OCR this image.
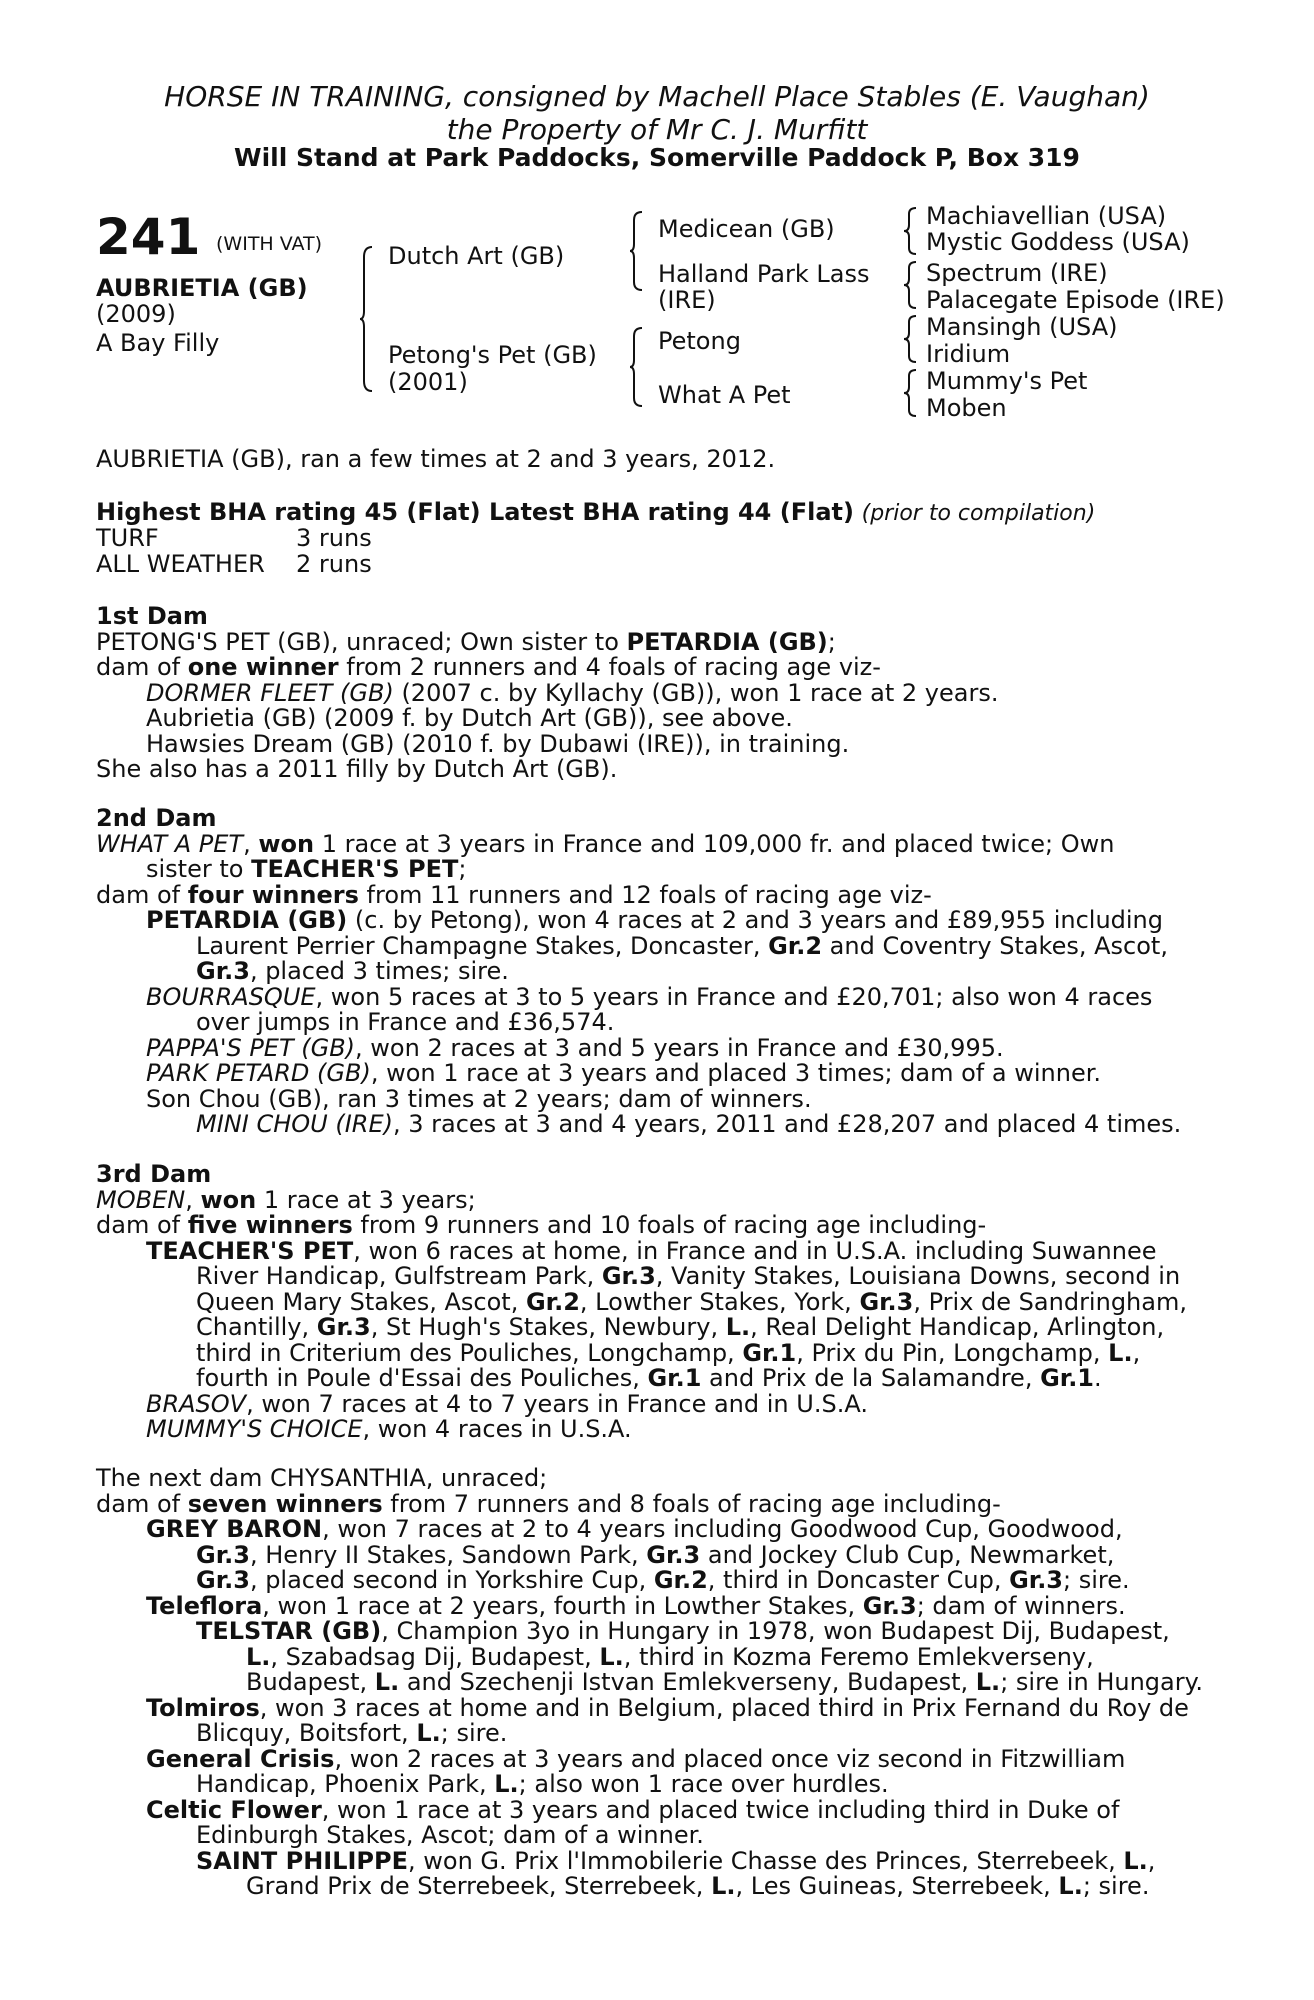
HORSE IN TRAINING, consigned by Machell Place Stables (E. Vaughan)
the Property of Mr C. J. Murfitt
Will Stand at Park Paddocks, Somerville Paddock P, Box 319
241 (WITH VAT)
AUBRIETIA (GB)
(2009)
A Bay Filly
Dutch Art (GB)
Petong's Pet (GB)
(2001)
Medicean (GB)
Halland Park Lass
(IRE)
Petong
What A Pet
Machiavellian (USA)
Mystic Goddess (USA)
Spectrum (IRE)
Palacegate Episode (IRE)
Mansingh (USA)
Iridium
Mummy's Pet
Moben
AUBRIETIA (GB), ran a few times at 2 and 3 years, 2012.
Highest BHA rating 45 (Flat) Latest BHA rating 44 (Flat) (prior to compilation)
TURF	3 runs
ALL WEATHER 2 runs
1st Dam
PETONG'S PET (GB), unraced; Own sister to PETARDIA (GB);
dam of one winner from 2 runners and 4 foals of racing age viz-
DORMER FLEET (GB) (2007 c. by Kyllachy (GB)), won 1 race at 2 years.
Aubrietia (GB) (2009 f. by Dutch Art (GB)), see above.
Hawsies Dream (GB) (2010 f. by Dubawi (IRE)), in training.
She also has a 2011 filly by Dutch Art (GB).
2nd Dam
WHAT A PET, won 1 race at 3 years in France and 109,000 fr. and placed twice; Own
sister to TEACHER'S PET;
dam of four winners from 11 runners and 12 foals of racing age viz-
PETARDIA (GB) (c. by Petong), won 4 races at 2 and 3 years and £89,955 including
Laurent Perrier Champagne Stakes, Doncaster, Gr.2 and Coventry Stakes, Ascot,
Gr.3, placed 3 times; sire.
BOURRASQUE, won 5 races at 3 to 5 years in France and £20,701; also won 4 races
over jumps in France and £36,574.
PAPPA'S PET (GB), won 2 races at 3 and 5 years in France and £30,995.
PARK PETARD (GB), won 1 race at 3 years and placed 3 times; dam of a winner.
Son Chou (GB), ran 3 times at 2 years; dam of winners.
MINI CHOU (IRE), 3 races at 3 and 4 years, 2011 and £28,207 and placed 4 times.
3rd Dam
MOBEN, won 1 race at 3 years;
dam of five winners from 9 runners and 10 foals of racing age including-
TEACHER'S PET, won 6 races at home, in France and in U.S.A. including Suwannee
River Handicap, Gulfstream Park, Gr.3, Vanity Stakes, Louisiana Downs, second in
Queen Mary Stakes, Ascot, Gr.2, Lowther Stakes, York, Gr.3, Prix de Sandringham,
Chantilly, Gr.3, St Hugh's Stakes, Newbury, L., Real Delight Handicap, Arlington,
third in Criterium des Pouliches, Longchamp, Gr.1, Prix du Pin, Longchamp, L.,
fourth in Poule d'Essai des Pouliches, Gr.1 and Prix de la Salamandre, Gr.1.
BRASOV, won 7 races at 4 to 7 years in France and in U.S.A.
MUMMY'S CHOICE, won 4 races in U.S.A.
The next dam CHYSANTHIA, unraced;
dam of seven winners from 7 runners and 8 foals of racing age including-
GREY BARON, won 7 races at 2 to 4 years including Goodwood Cup, Goodwood,
Gr.3, Henry II Stakes, Sandown Park, Gr.3 and Jockey Club Cup, Newmarket,
Gr.3, placed second in Yorkshire Cup, Gr.2, third in Doncaster Cup, Gr.3; sire.
Teleflora, won 1 race at 2 years, fourth in Lowther Stakes, Gr.3; dam of winners.
TELSTAR (GB), Champion 3yo in Hungary in 1978, won Budapest Dij, Budapest,
L., Szabadsag Dij, Budapest, L., third in Kozma Feremo Emlekverseny,
Budapest, L. and Szechenji Istvan Emlekverseny, Budapest, L.; sire in Hungary.
Tolmiros, won 3 races at home and in Belgium, placed third in Prix Fernand du Roy de
Blicquy, Boitsfort, L.; sire.
General Crisis, won 2 races at 3 years and placed once viz second in Fitzwilliam
Handicap, Phoenix Park, L.; also won 1 race over hurdles.
Celtic Flower, won 1 race at 3 years and placed twice including third in Duke of
Edinburgh Stakes, Ascot; dam of a winner.
SAINT PHILIPPE, won G. Prix l'Immobilerie Chasse des Princes, Sterrebeek, L.,
Grand Prix de Sterrebeek, Sterrebeek, L., Les Guineas, Sterrebeek, L.; sire.
